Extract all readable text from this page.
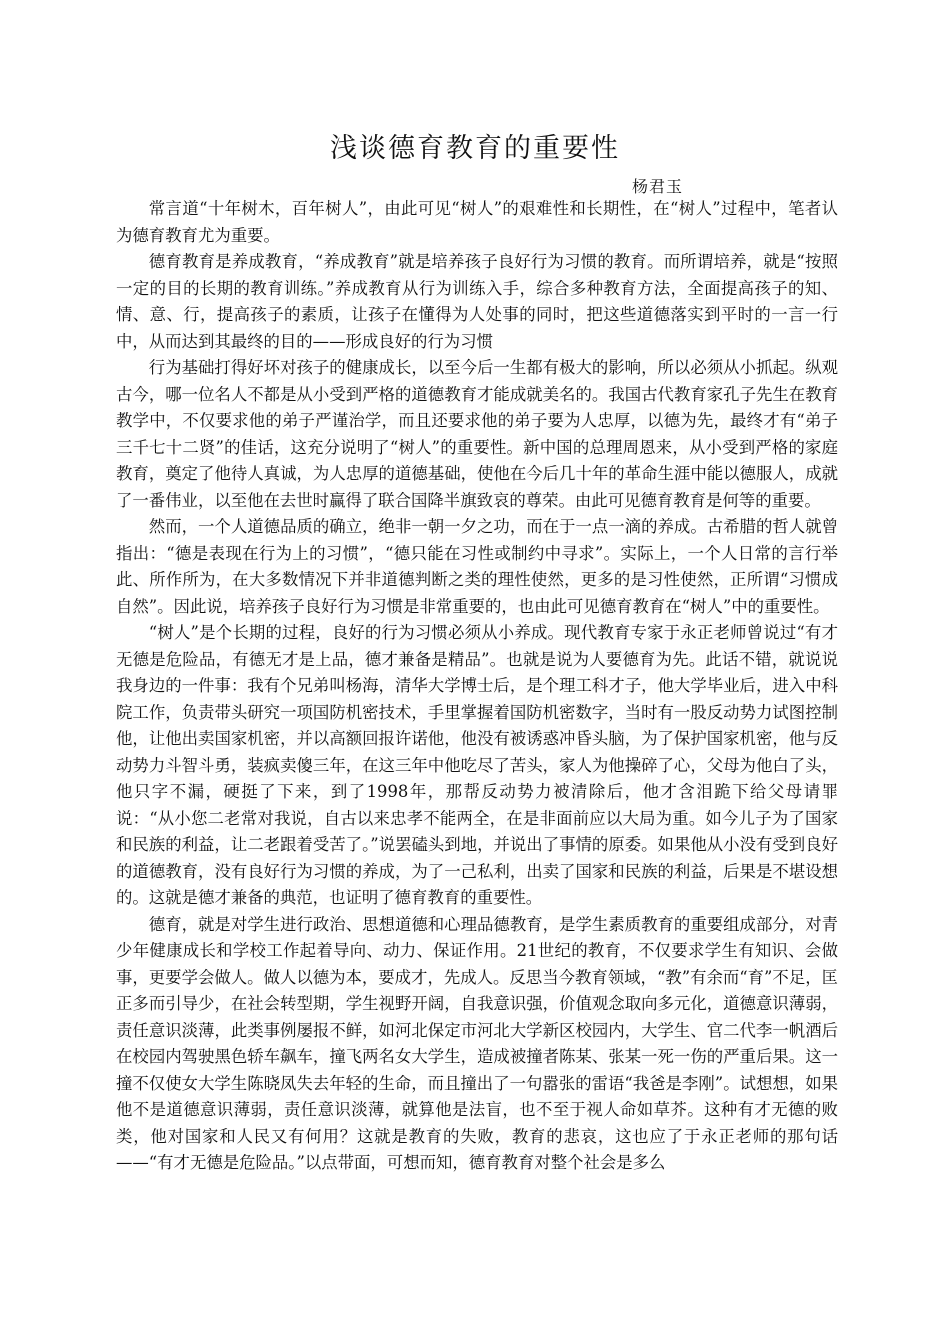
浅谈德育教育的重要性
杨君玉

常言道“十年树木，百年树人”，由此可见“树人”的艰难性和长期性，在“树人”过程中，笔者认为德育教育尤为重要。

德育教育是养成教育，“养成教育”就是培养孩子良好行为习惯的教育。而所谓培养，就是“按照一定的目的长期的教育训练。”养成教育从行为训练入手，综合多种教育方法，全面提高孩子的知、情、意、行，提高孩子的素质，让孩子在懂得为人处事的同时，把这些道德落实到平时的一言一行中，从而达到其最终的目的——形成良好的行为习惯

行为基础打得好坏对孩子的健康成长，以至今后一生都有极大的影响，所以必须从小抓起。纵观古今，哪一位名人不都是从小受到严格的道德教育才能成就美名的。我国古代教育家孔子先生在教育教学中，不仅要求他的弟子严谨治学，而且还要求他的弟子要为人忠厚，以德为先，最终才有“弟子三千七十二贤”的佳话，这充分说明了“树人”的重要性。新中国的总理周恩来，从小受到严格的家庭教育，奠定了他待人真诚，为人忠厚的道德基础，使他在今后几十年的革命生涯中能以德服人，成就了一番伟业，以至他在去世时赢得了联合国降半旗致哀的尊荣。由此可见德育教育是何等的重要。

然而，一个人道德品质的确立，绝非一朝一夕之功，而在于一点一滴的养成。古希腊的哲人就曾指出：“德是表现在行为上的习惯”，“德只能在习性或制约中寻求”。实际上，一个人日常的言行举此、所作所为，在大多数情况下并非道德判断之类的理性使然，更多的是习性使然，正所谓“习惯成自然”。因此说，培养孩子良好行为习惯是非常重要的，也由此可见德育教育在“树人”中的重要性。

“树人”是个长期的过程，良好的行为习惯必须从小养成。现代教育专家于永正老师曾说过“有才无德是危险品，有德无才是上品，德才兼备是精品”。也就是说为人要德育为先。此话不错，就说说我身边的一件事：我有个兄弟叫杨海，清华大学博士后，是个理工科才子，他大学毕业后，进入中科院工作，负责带头研究一项国防机密技术，手里掌握着国防机密数字，当时有一股反动势力试图控制他，让他出卖国家机密，并以高额回报许诺他，他没有被诱惑冲昏头脑，为了保护国家机密，他与反动势力斗智斗勇，装疯卖傻三年，在这三年中他吃尽了苦头，家人为他操碎了心，父母为他白了头，他只字不漏，硬挺了下来，到了1998年，那帮反动势力被清除后，他才含泪跪下给父母请罪说：“从小您二老常对我说，自古以来忠孝不能两全，在是非面前应以大局为重。如今儿子为了国家和民族的利益，让二老跟着受苦了。”说罢磕头到地，并说出了事情的原委。如果他从小没有受到良好的道德教育，没有良好行为习惯的养成，为了一己私利，出卖了国家和民族的利益，后果是不堪设想的。这就是德才兼备的典范，也证明了德育教育的重要性。

德育，就是对学生进行政治、思想道德和心理品德教育，是学生素质教育的重要组成部分，对青少年健康成长和学校工作起着导向、动力、保证作用。21世纪的教育，不仅要求学生有知识、会做事，更要学会做人。做人以德为本，要成才，先成人。反思当今教育领域，“教”有余而“育”不足，匡正多而引导少，在社会转型期，学生视野开阔，自我意识强，价值观念取向多元化，道德意识薄弱，责任意识淡薄，此类事例屡报不鲜，如河北保定市河北大学新区校园内，大学生、官二代李一帆酒后在校园内驾驶黑色轿车飙车，撞飞两名女大学生，造成被撞者陈某、张某一死一伤的严重后果。这一撞不仅使女大学生陈晓凤失去年轻的生命，而且撞出了一句嚣张的雷语“我爸是李刚”。试想想，如果他不是道德意识薄弱，责任意识淡薄，就算他是法盲，也不至于视人命如草芥。这种有才无德的败类，他对国家和人民又有何用？这就是教育的失败，教育的悲哀，这也应了于永正老师的那句话——“有才无德是危险品。”以点带面，可想而知，德育教育对整个社会是多么
